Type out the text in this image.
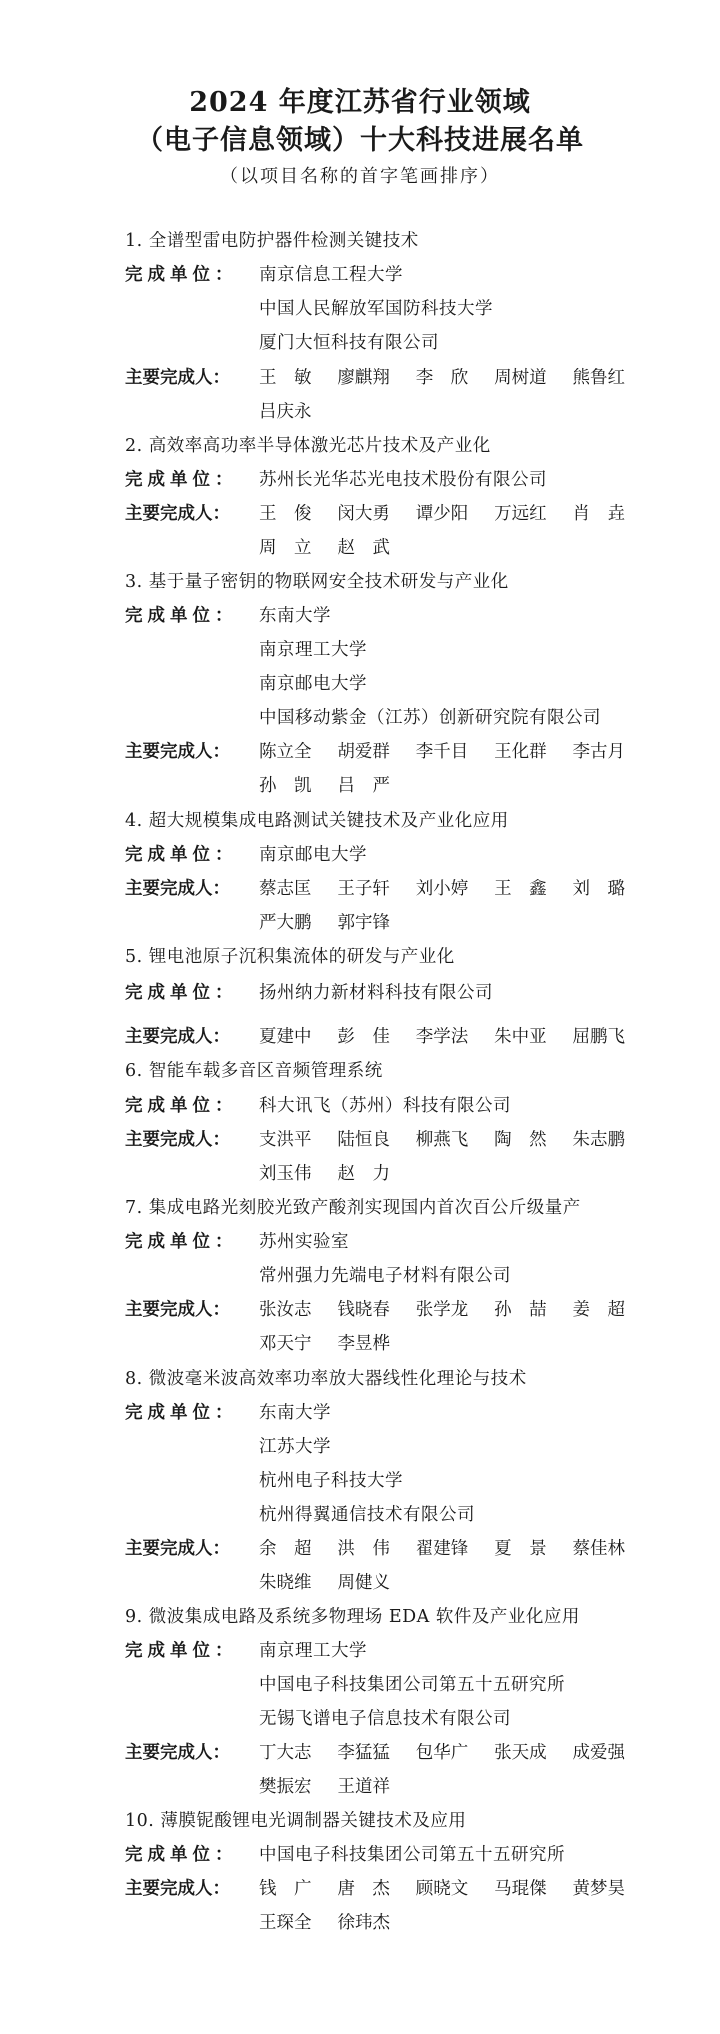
2024 年度江苏省行业领域
（电子信息领域）十大科技进展名单
（以项目名称的首字笔画排序）
1. 全谱型雷电防护器件检测关键技术
完成单位： 南京信息工程大学
中国人民解放军国防科技大学
厦门大恒科技有限公司
主要完成人： 王　敏 廖麒翔 李　欣 周树道 熊鲁红
吕庆永
2. 高效率高功率半导体激光芯片技术及产业化
完成单位： 苏州长光华芯光电技术股份有限公司
主要完成人： 王　俊 闵大勇 谭少阳 万远红 肖　垚
周　立 赵　武
3. 基于量子密钥的物联网安全技术研发与产业化
完成单位： 东南大学
南京理工大学
南京邮电大学
中国移动紫金（江苏）创新研究院有限公司
主要完成人： 陈立全 胡爱群 李千目 王化群 李古月
孙　凯 吕　严
4. 超大规模集成电路测试关键技术及产业化应用
完成单位： 南京邮电大学
主要完成人： 蔡志匡 王子轩 刘小婷 王　鑫 刘　璐
严大鹏 郭宇锋
5. 锂电池原子沉积集流体的研发与产业化
完成单位： 扬州纳力新材料科技有限公司
主要完成人： 夏建中 彭　佳 李学法 朱中亚 屈鹏飞
6. 智能车载多音区音频管理系统
完成单位： 科大讯飞（苏州）科技有限公司
主要完成人： 支洪平 陆恒良 柳燕飞 陶　然 朱志鹏
刘玉伟 赵　力
7. 集成电路光刻胶光致产酸剂实现国内首次百公斤级量产
完成单位： 苏州实验室
常州强力先端电子材料有限公司
主要完成人： 张汝志 钱晓春 张学龙 孙　喆 姜　超
邓天宁 李昱桦
8. 微波毫米波高效率功率放大器线性化理论与技术
完成单位： 东南大学
江苏大学
杭州电子科技大学
杭州得翼通信技术有限公司
主要完成人： 余　超 洪　伟 翟建锋 夏　景 蔡佳林
朱晓维 周健义
9. 微波集成电路及系统多物理场 EDA 软件及产业化应用
完成单位： 南京理工大学
中国电子科技集团公司第五十五研究所
无锡飞谱电子信息技术有限公司
主要完成人： 丁大志 李猛猛 包华广 张天成 成爱强
樊振宏 王道祥
10. 薄膜铌酸锂电光调制器关键技术及应用
完成单位： 中国电子科技集团公司第五十五研究所
主要完成人： 钱　广 唐　杰 顾晓文 马琨傑 黄梦昊
王琛全 徐玮杰
